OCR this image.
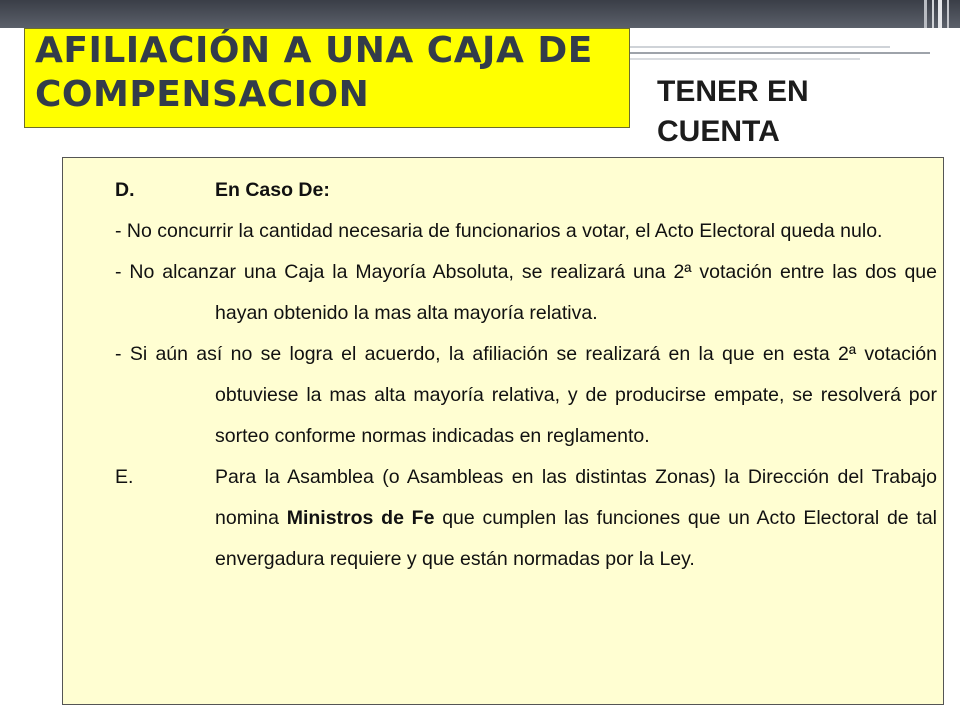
AFILIACIÓN A UNA CAJA DE
COMPENSACION	TENER EN
CUENTA

D.	En Caso De:

- No concurrir la cantidad necesaria de funcionarios a votar, el Acto Electoral queda nulo.

- No alcanzar una Caja la Mayoría Absoluta, se realizará una 2ª votación entre las dos que hayan obtenido la mas alta mayoría relativa.

- Si aún así no se logra el acuerdo, la afiliación se realizará en la que en esta 2ª votación obtuviese la mas alta mayoría relativa, y de producirse empate, se resolverá por sorteo conforme normas indicadas en reglamento.

E.	Para la Asamblea (o Asambleas en las distintas Zonas) la Dirección del Trabajo nomina Ministros de Fe que cumplen las funciones que un Acto Electoral de tal envergadura requiere y que están normadas por la Ley.
